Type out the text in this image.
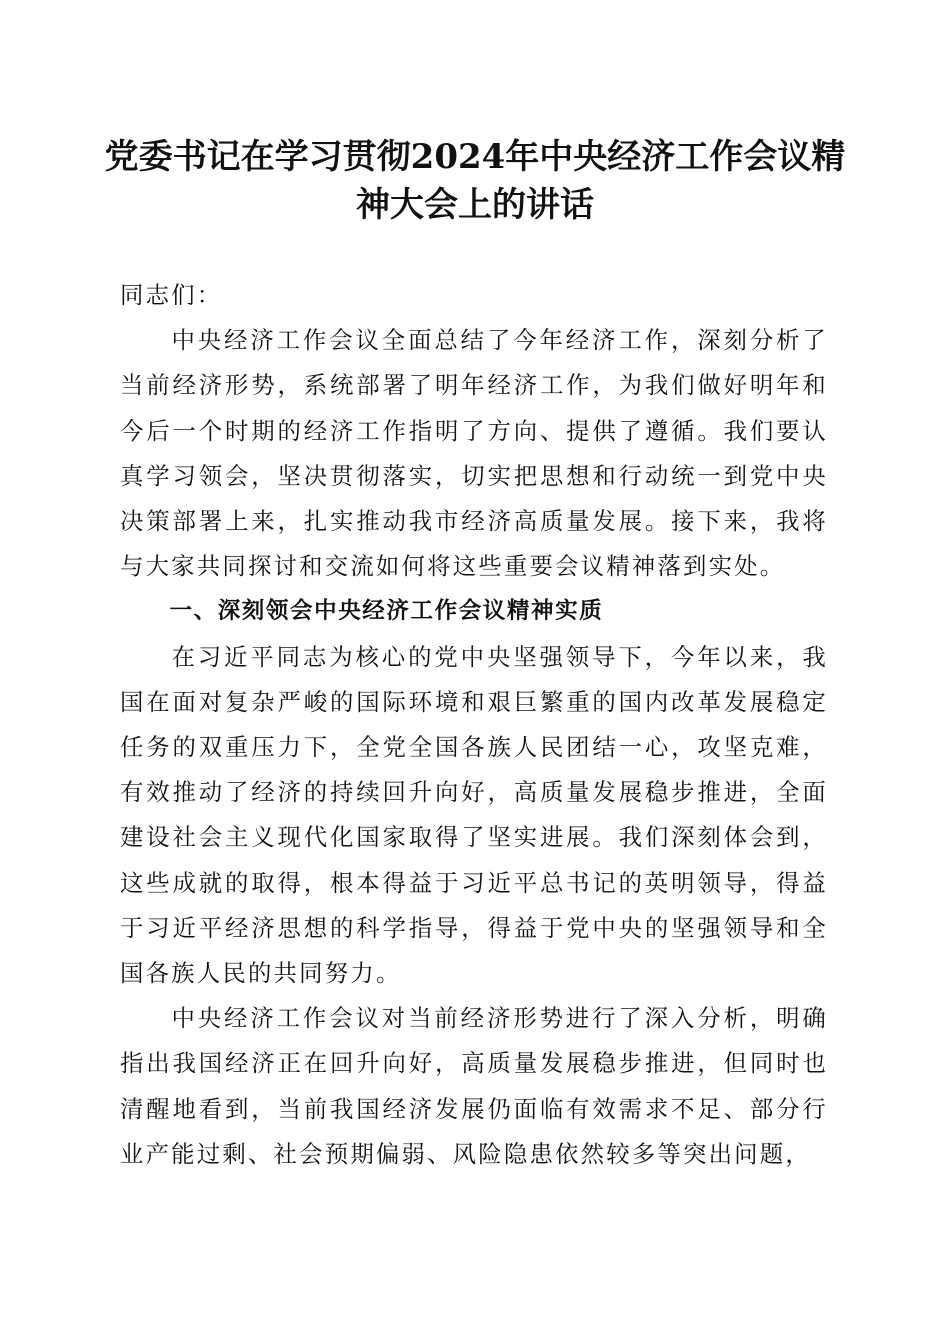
党委书记在学习贯彻2024年中央经济工作会议精神大会上的讲话

同志们：

中央经济工作会议全面总结了今年经济工作，深刻分析了当前经济形势，系统部署了明年经济工作，为我们做好明年和今后一个时期的经济工作指明了方向、提供了遵循。我们要认真学习领会，坚决贯彻落实，切实把思想和行动统一到党中央决策部署上来，扎实推动我市经济高质量发展。接下来，我将与大家共同探讨和交流如何将这些重要会议精神落到实处。

一、深刻领会中央经济工作会议精神实质

在习近平同志为核心的党中央坚强领导下，今年以来，我国在面对复杂严峻的国际环境和艰巨繁重的国内改革发展稳定任务的双重压力下，全党全国各族人民团结一心，攻坚克难，有效推动了经济的持续回升向好，高质量发展稳步推进，全面建设社会主义现代化国家取得了坚实进展。我们深刻体会到，这些成就的取得，根本得益于习近平总书记的英明领导，得益于习近平经济思想的科学指导，得益于党中央的坚强领导和全国各族人民的共同努力。

中央经济工作会议对当前经济形势进行了深入分析，明确指出我国经济正在回升向好，高质量发展稳步推进，但同时也清醒地看到，当前我国经济发展仍面临有效需求不足、部分行业产能过剩、社会预期偏弱、风险隐患依然较多等突出问题，
